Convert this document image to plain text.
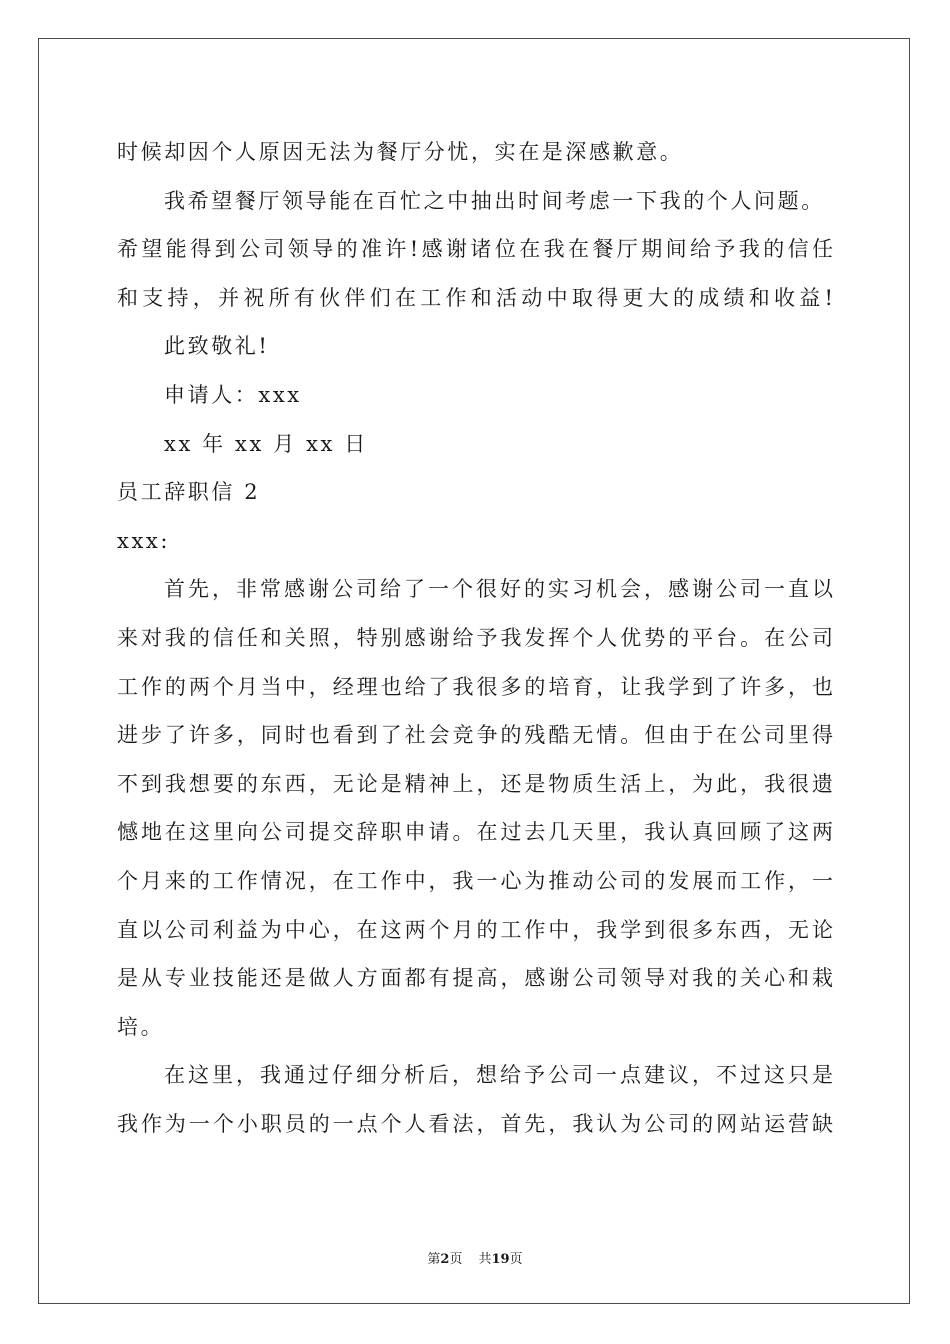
时候却因个人原因无法为餐厅分忧，实在是深感歉意。
我希望餐厅领导能在百忙之中抽出时间考虑一下我的个人问题。
希望能得到公司领导的准许!感谢诸位在我在餐厅期间给予我的信任
和支持，并祝所有伙伴们在工作和活动中取得更大的成绩和收益!
此致敬礼!
申请人：xxx
xx 年 xx 月 xx 日
员工辞职信 2
xxx:
首先，非常感谢公司给了一个很好的实习机会，感谢公司一直以
来对我的信任和关照，特别感谢给予我发挥个人优势的平台。在公司
工作的两个月当中，经理也给了我很多的培育，让我学到了许多，也
进步了许多，同时也看到了社会竞争的残酷无情。但由于在公司里得
不到我想要的东西，无论是精神上，还是物质生活上，为此，我很遗
憾地在这里向公司提交辞职申请。在过去几天里，我认真回顾了这两
个月来的工作情况，在工作中，我一心为推动公司的发展而工作，一
直以公司利益为中心，在这两个月的工作中，我学到很多东西，无论
是从专业技能还是做人方面都有提高，感谢公司领导对我的关心和栽
培。
在这里，我通过仔细分析后，想给予公司一点建议，不过这只是
我作为一个小职员的一点个人看法，首先，我认为公司的网站运营缺
第2页 共19页
